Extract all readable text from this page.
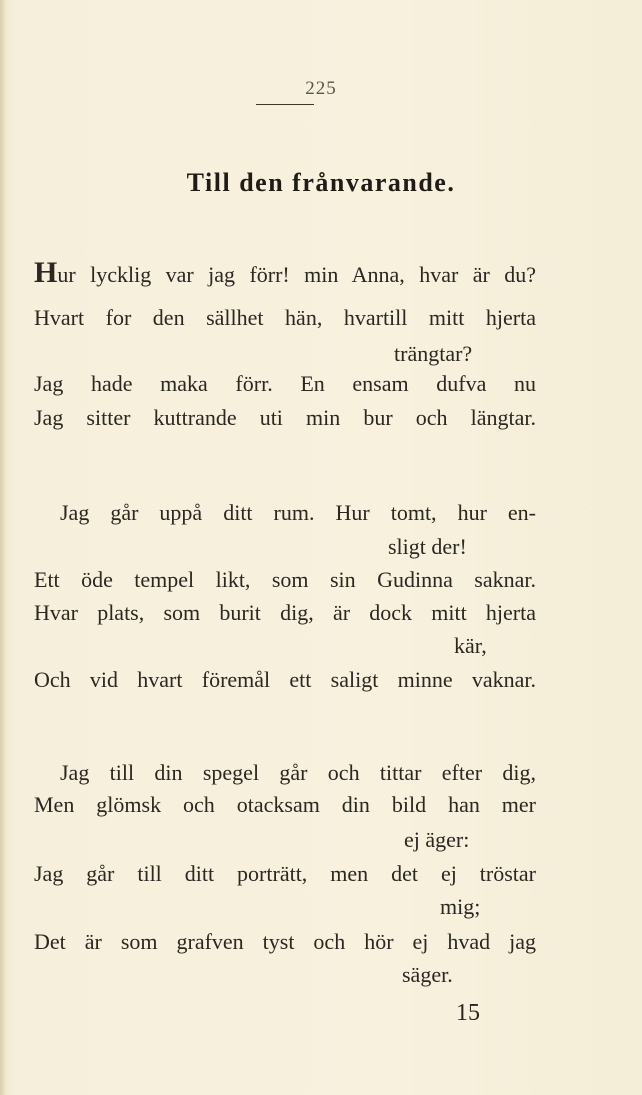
225
Till den frånvarande.
Hur lycklig var jag förr! min Anna, hvar är du?
Hvart for den sällhet hän, hvartill mitt hjerta
trängtar?
Jag hade maka förr. En ensam dufva nu
Jag sitter kuttrande uti min bur och längtar.
Jag går uppå ditt rum. Hur tomt, hur en-
sligt der!
Ett öde tempel likt, som sin Gudinna saknar.
Hvar plats, som burit dig, är dock mitt hjerta
kär,
Och vid hvart föremål ett saligt minne vaknar.
Jag till din spegel går och tittar efter dig,
Men glömsk och otacksam din bild han mer
ej äger:
Jag går till ditt porträtt, men det ej tröstar
mig;
Det är som grafven tyst och hör ej hvad jag
säger.
15
